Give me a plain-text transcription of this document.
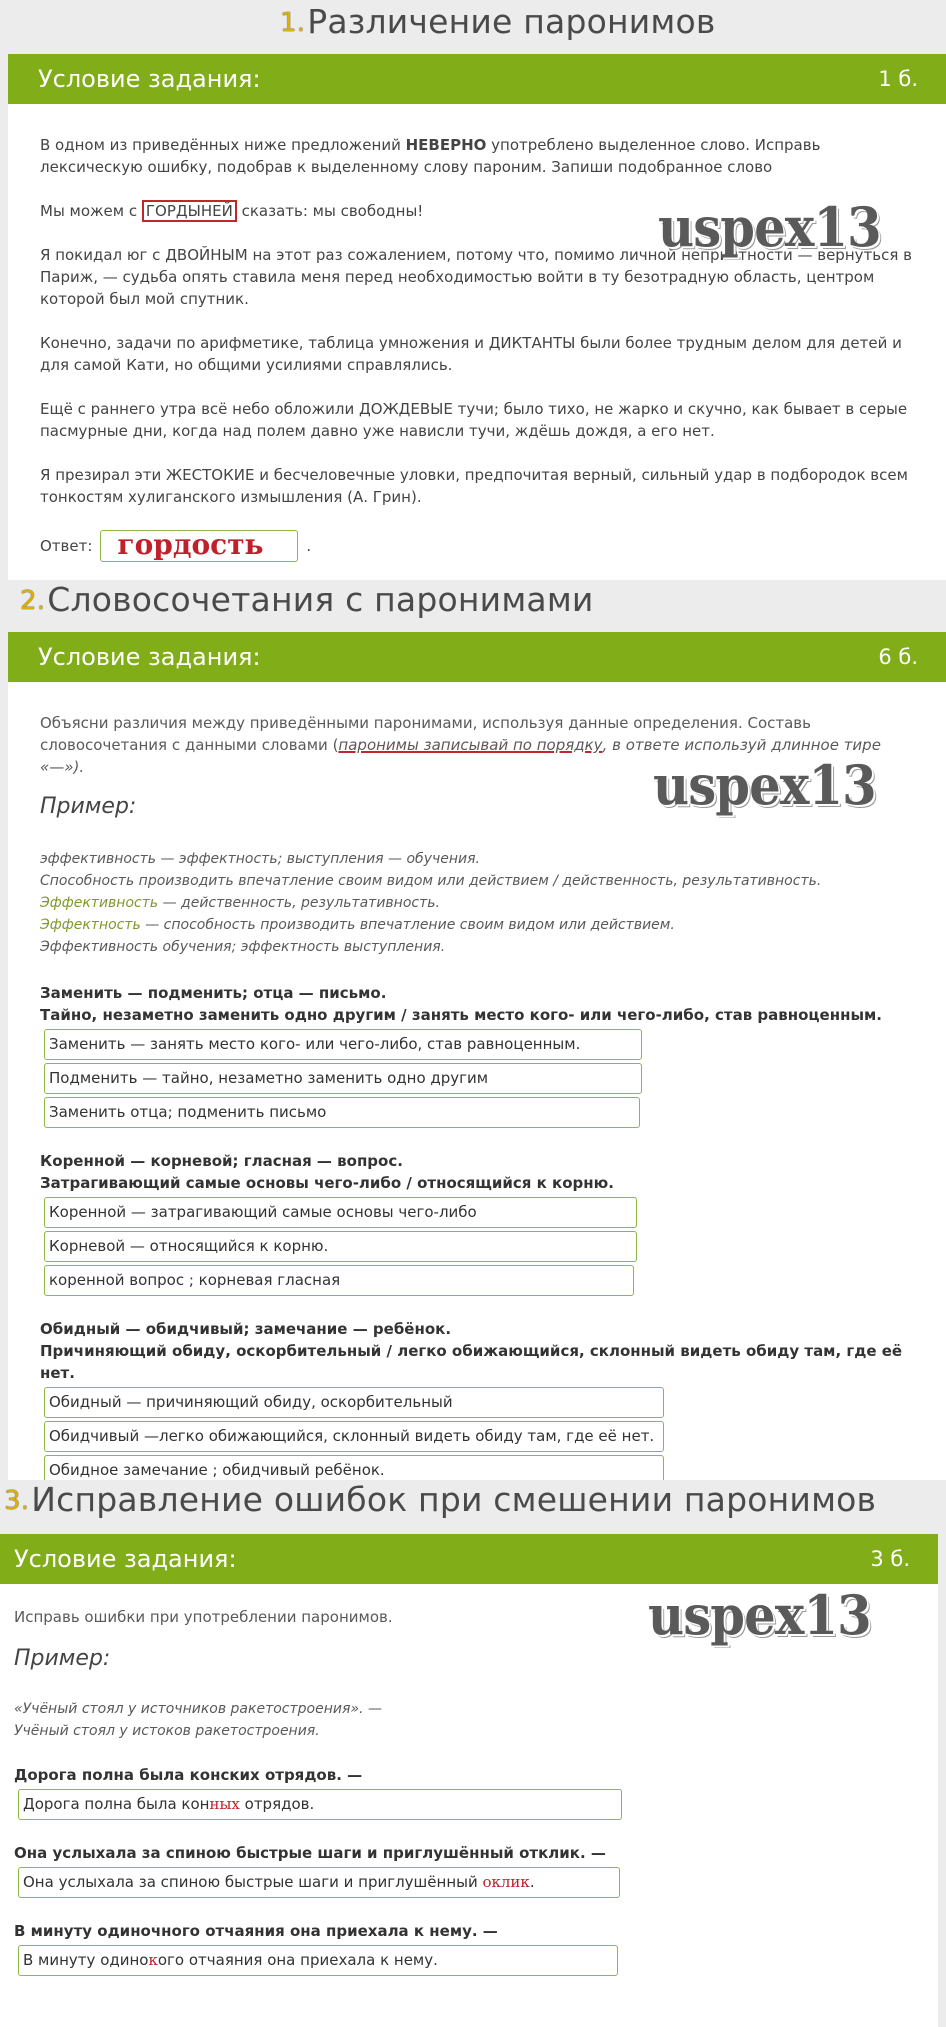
1.Различение паронимов
Условие задания:	1 б.
uspex13

В одном из приведённых ниже предложений НЕВЕРНО употреблено выделенное слово. Исправь лексическую ошибку, подобрав к выделенному слову пароним. Запиши подобранное слово

Мы можем с ГОРДЫНЕЙ сказать: мы свободны!

Я покидал юг с ДВОЙНЫМ на этот раз сожалением, потому что, помимо личной неприятности — вернуться в Париж, — судьба опять ставила меня перед необходимостью войти в ту безотрадную область, центром которой был мой спутник.

Конечно, задачи по арифметике, таблица умножения и ДИКТАНТЫ были более трудным делом для детей и для самой Кати, но общими усилиями справлялись.

Ещё с раннего утра всё небо обложили ДОЖДЕВЫЕ тучи; было тихо, не жарко и скучно, как бывает в серые пасмурные дни, когда над полем давно уже нависли тучи, ждёшь дождя, а его нет.

Я презирал эти ЖЕСТОКИЕ и бесчеловечные уловки, предпочитая верный, сильный удар в подбородок всем тонкостям хулиганского измышления (А. Грин).

Ответ: гордость	.
2.Словосочетания с паронимами
Условие задания:	6 б.
uspex13

Объясни различия между приведёнными паронимами, используя данные определения. Составь словосочетания с данными словами (паронимы записывай по порядку, в ответе используй длинное тире «—»).

Пример:
эффективность — эффектность; выступления — обучения.
Способность производить впечатление своим видом или действием / действенность, результативность.
Эффективность — действенность, результативность.
Эффектность — способность производить впечатление своим видом или действием.
Эффективность обучения; эффектность выступления.
Заменить — подменить; отца — письмо.
Тайно, незаметно заменить одно другим / занять место кого- или чего-либо, став равноценным.
Заменить — занять место кого- или чего-либо, став равноценным.
Подменить — тайно, незаметно заменить одно другим
Заменить отца; подменить письмо
Коренной — корневой; гласная — вопрос.
Затрагивающий самые основы чего-либо / относящийся к корню.
Коренной — затрагивающий самые основы чего-либо
Корневой — относящийся к корню.
коренной вопрос ; корневая гласная
Обидный — обидчивый; замечание — ребёнок.
Причиняющий обиду, оскорбительный / легко обижающийся, склонный видеть обиду там, где её нет.
Обидный — причиняющий обиду, оскорбительный
Обидчивый —легко обижающийся, склонный видеть обиду там, где её нет.
Обидное замечание ; обидчивый ребёнок.
3.Исправление ошибок при смешении паронимов
Условие задания:	3 б.
uspex13
Исправь ошибки при употреблении паронимов.
Пример:
«Учёный стоял у источников ракетостроения». —
Учёный стоял у истоков ракетостроения.
Дорога полна была конских отрядов. —
Дорога полна была конных отрядов.
Она услыхала за спиною быстрые шаги и приглушённый отклик. —
Она услыхала за спиною быстрые шаги и приглушённый оклик.
В минуту одиночного отчаяния она приехала к нему. —
В минуту одинокого отчаяния она приехала к нему.
